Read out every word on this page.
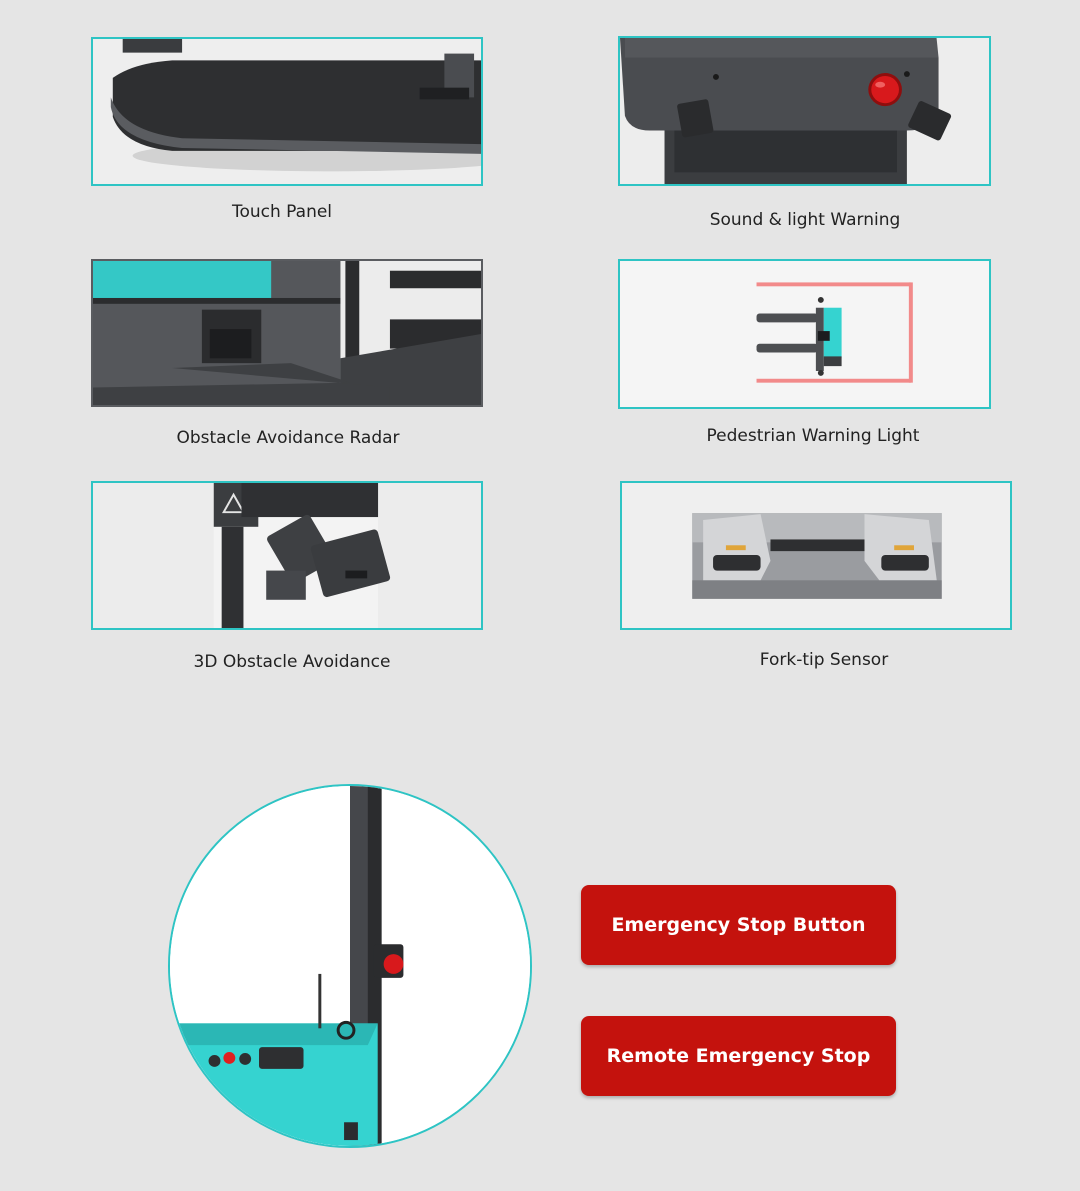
Touch Panel	Sound & light Warning
Obstacle Avoidance Radar	Pedestrian Warning Light
3D Obstacle Avoidance	Fork-tip Sensor
Emergency Stop Button
Remote Emergency Stop
